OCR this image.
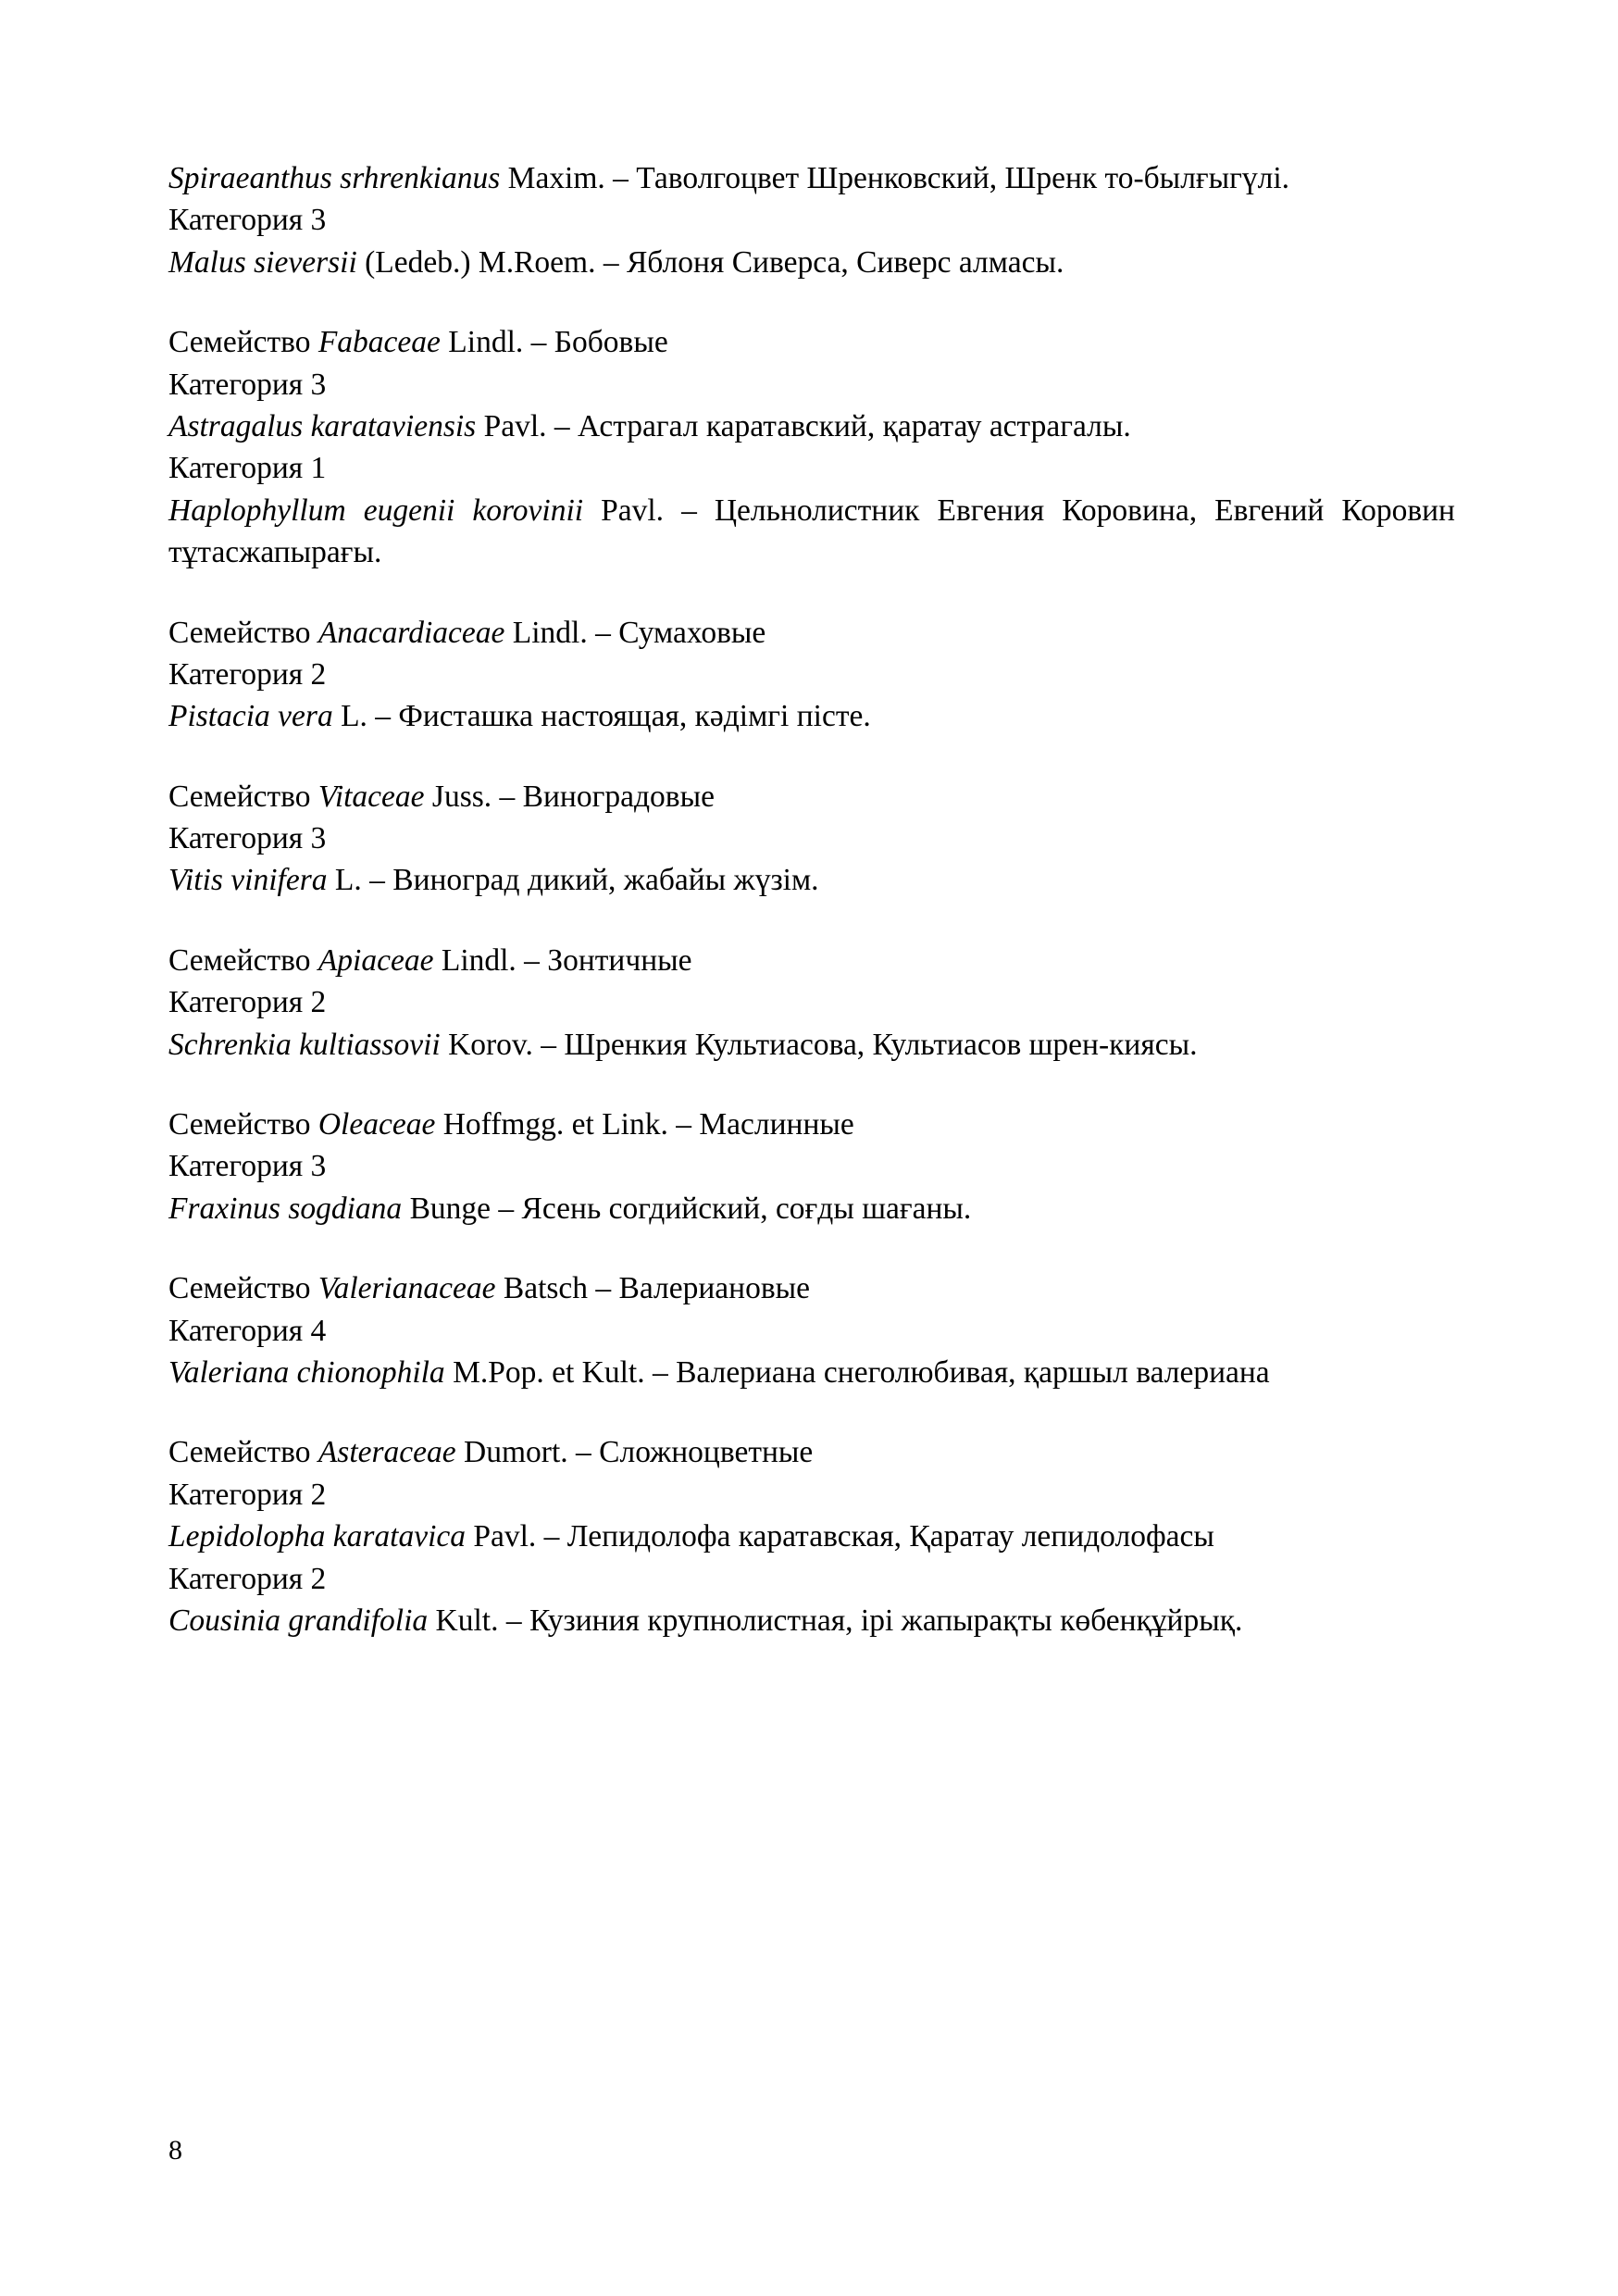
Spiraeanthus srhrenkianus Maxim. – Таволгоцвет Шренковский, Шренк то-былғыгүлі.

Категория 3

Malus sieversii (Ledeb.) M.Roem. – Яблоня Сиверса, Сиверс алмасы.

Семейство Fabaceae Lindl. – Бобовые

Категория 3

Astragalus karataviensis Pavl. – Астрагал каратавский, қаратау астрагалы.

Категория 1

Haplophyllum eugenii korovinii Pavl. – Цельнолистник Евгения Коровина, Евгений Коровин тұтасжапырағы.

Семейство Anacardiaceae Lindl. – Сумаховые

Категория 2

Pistacia vera L. – Фисташка настоящая, кәдімгі пісте.

Семейство Vitaceae Juss. – Виноградовые

Категория 3

Vitis vinifera L. – Виноград дикий, жабайы жүзім.

Семейство Apiaceae Lindl. – Зонтичные

Категория 2

Schrenkia kultiassovii Korov. – Шренкия Культиасова, Культиасов шрен-киясы.

Семейство Oleaceae Hoffmgg. et Link. – Маслинные

Категория 3

Fraxinus sogdiana Bunge – Ясень согдийский, соғды шағаны.

Семейство Valerianaceae Batsch – Валериановые

Категория 4

Valeriana chionophila M.Pop. et Kult. – Валериана снеголюбивая, қаршыл валериана

Семейство Asteraceae Dumort. – Сложноцветные

Категория 2

Lepidolopha karatavica Pavl. – Лепидолофа каратавская, Қаратау лепидолофасы

Категория 2

Cousinia grandifolia Kult. – Кузиния крупнолистная, ірі жапырақты көбенқұйрық.

8
